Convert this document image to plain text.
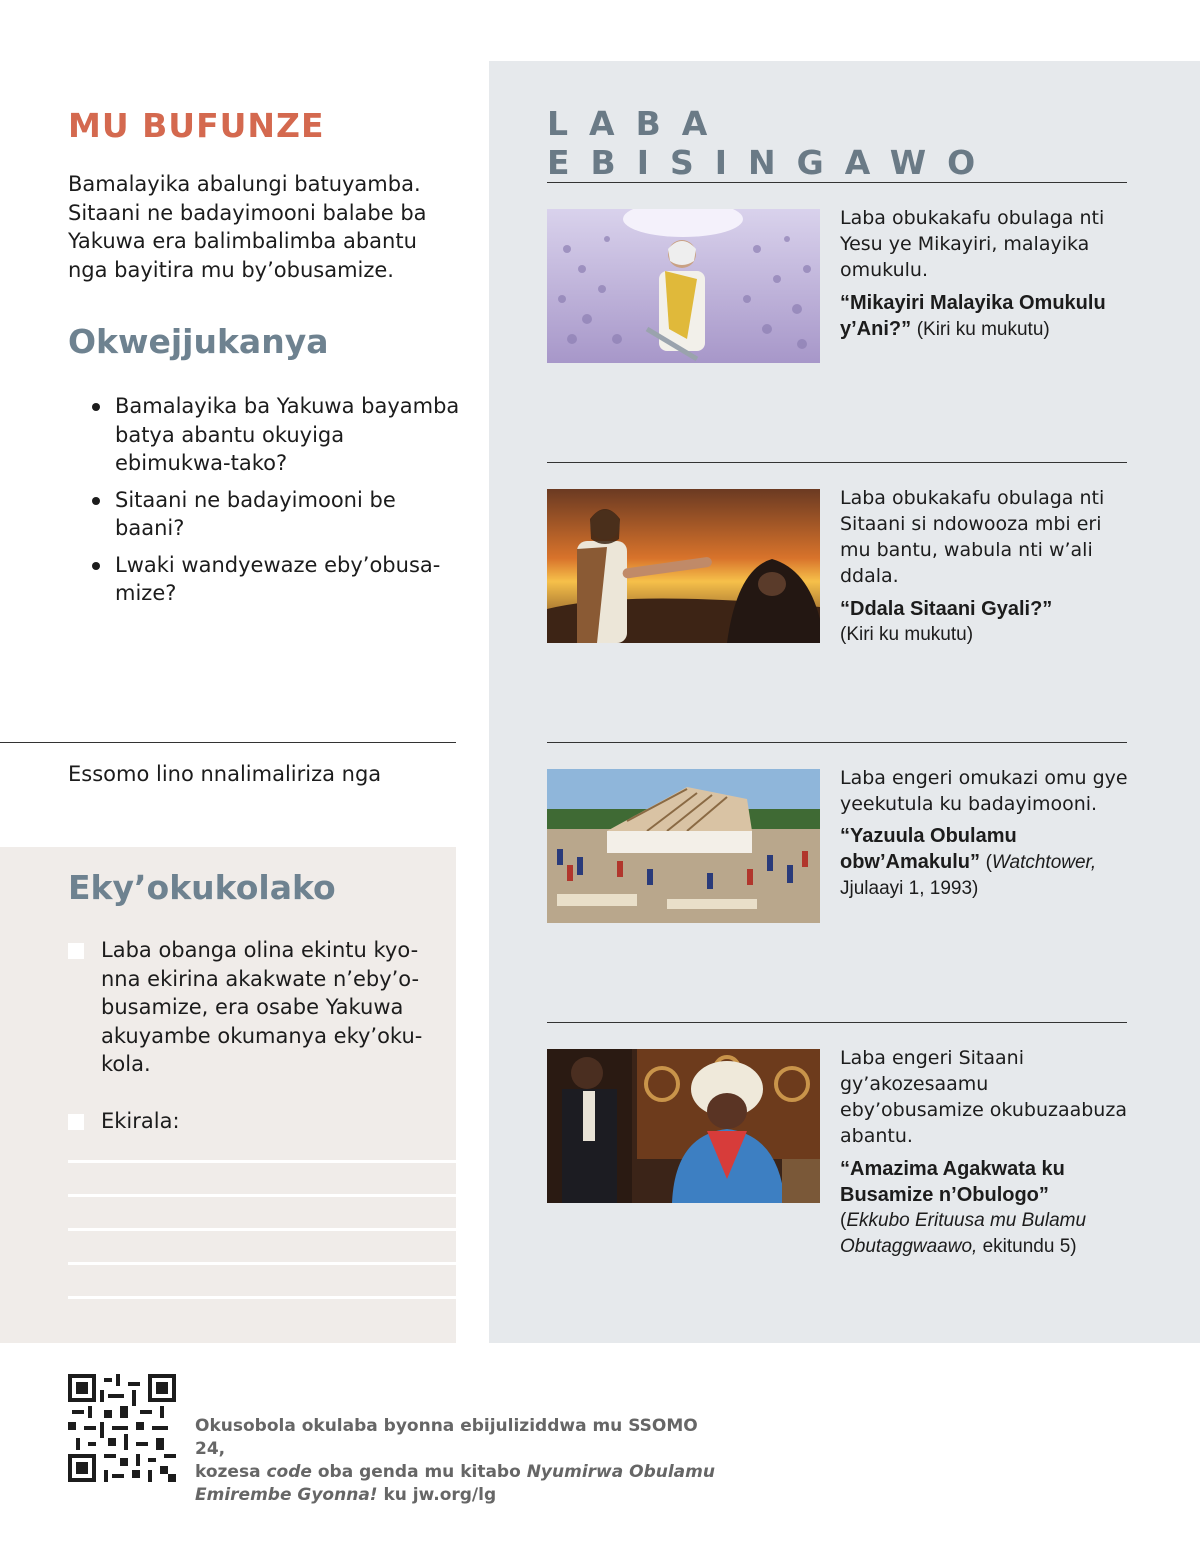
MU BUFUNZE
Bamalayika abalungi batuyamba. Sitaani ne badayimooni balabe ba Yakuwa era balimbalimba abantu nga bayitira mu by’obusamize.
Okwejjukanya
Bamalayika ba Yakuwa bayamba batya abantu okuyiga ebimukwa-tako?
Sitaani ne badayimooni be baani?
Lwaki wandyewaze eby’obusa-mize?
Essomo lino nnalimaliriza nga
Eky’okukolako
Laba obanga olina ekintu kyo-nna ekirina akakwate n’eby’o-busamize, era osabe Yakuwa akuyambe okumanya eky’oku-kola.
Ekirala:
LABA EBISINGAWO
Laba obukakafu obulaga nti Yesu ye Mikayiri, malayika omukulu.
“Mikayiri Malayika Omukulu y’Ani?” (Kiri ku mukutu)
Laba obukakafu obulaga nti Sitaani si ndowooza mbi eri mu bantu, wabula nti w’ali ddala.
“Ddala Sitaani Gyali?”
(Kiri ku mukutu)
Laba engeri omukazi omu gye yeekutula ku badayimooni.
“Yazuula Obulamu obw’Amakulu” (Watchtower,
Jjulaayi 1, 1993)
Laba engeri Sitaani gy’akozesaamu eby’obusamize okubuzaabuza abantu.
“Amazima Agakwata ku Busamize n’Obulogo”
(Ekkubo Erituusa mu Bulamu Obutaggwaawo, ekitundu 5)
Okusobola okulaba byonna ebijuliziddwa mu SSOMO 24,
kozesa code oba genda mu kitabo Nyumirwa Obulamu
Emirembe Gyonna! ku jw.org/lg
